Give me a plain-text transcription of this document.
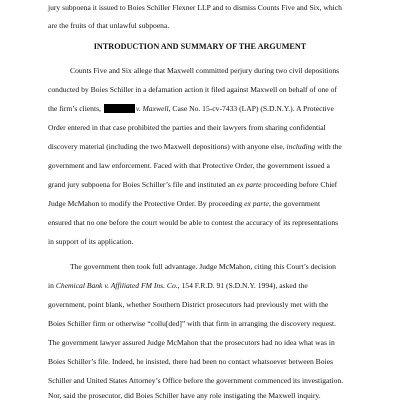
jury subpoena it issued to Boies Schiller Flexner LLP and to dismiss Counts Five and Six, which
are the fruits of that unlawful subpoena.
INTRODUCTION AND SUMMARY OF THE ARGUMENT
Counts Five and Six allege that Maxwell committed perjury during two civil depositions
conducted by Boies Schiller in a defamation action it filed against Maxwell on behalf of one of
the firm’s clients,	v. Maxwell, Case No. 15-cv-7433 (LAP) (S.D.N.Y.). A Protective
Order entered in that case prohibited the parties and their lawyers from sharing confidential
discovery material (including the two Maxwell depositions) with anyone else, including with the
government and law enforcement. Faced with that Protective Order, the government issued a
grand jury subpoena for Boies Schiller’s file and instituted an ex parte proceeding before Chief
Judge McMahon to modify the Protective Order. By proceeding ex parte, the government
ensured that no one before the court would be able to contest the accuracy of its representations
in support of its application.
The government then took full advantage. Judge McMahon, citing this Court’s decision
in Chemical Bank v. Affiliated FM Ins. Co., 154 F.R.D. 91 (S.D.N.Y. 1994), asked the
government, point blank, whether Southern District prosecutors had previously met with the
Boies Schiller firm or otherwise “collu[ded]” with that firm in arranging the discovery request.
The government lawyer assured Judge McMahon that the prosecutors had no idea what was in
Boies Schiller’s file. Indeed, he insisted, there had been no contact whatsoever between Boies
Schiller and United States Attorney’s Office before the government commenced its investigation.
Nor, said the prosecutor, did Boies Schiller have any role instigating the Maxwell inquiry.
